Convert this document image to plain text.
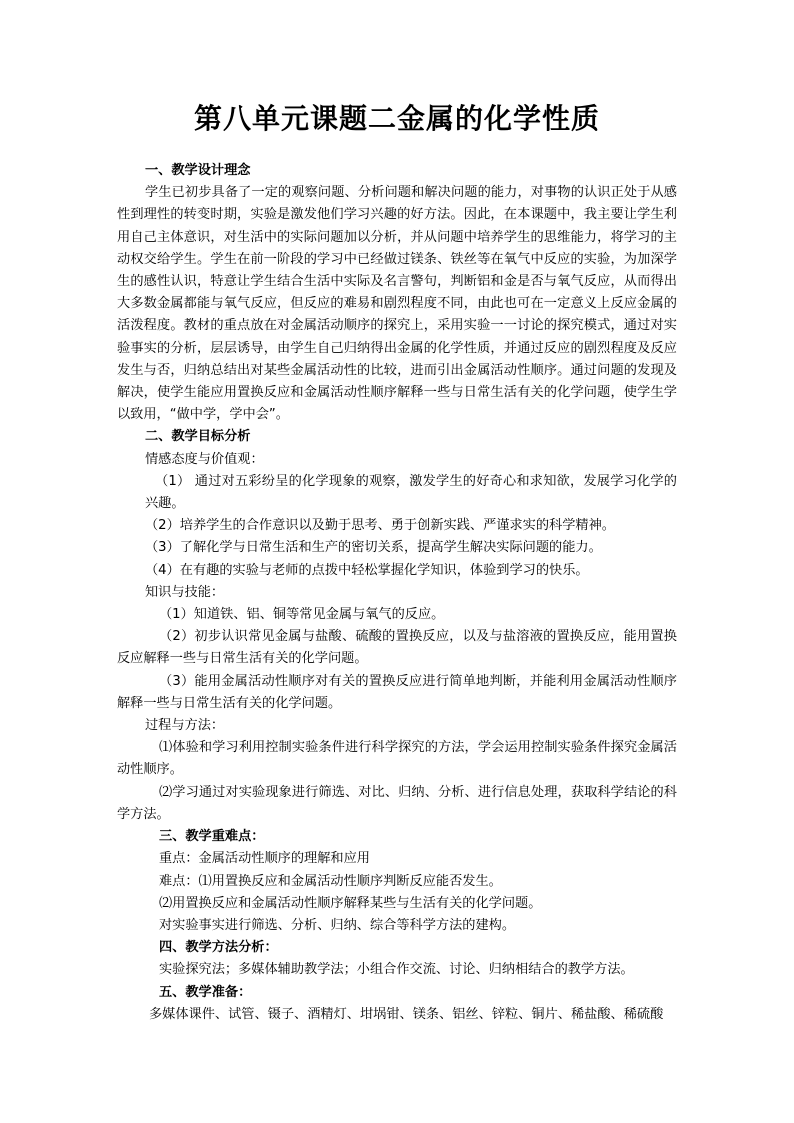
第八单元课题二金属的化学性质

一、教学设计理念

学生已初步具备了一定的观察问题、分析问题和解决问题的能力，对事物的认识正处于从感性到理性的转变时期，实验是激发他们学习兴趣的好方法。因此，在本课题中，我主要让学生利用自己主体意识，对生活中的实际问题加以分析，并从问题中培养学生的思维能力，将学习的主动权交给学生。学生在前一阶段的学习中已经做过镁条、铁丝等在氧气中反应的实验，为加深学生的感性认识，特意让学生结合生活中实际及名言警句，判断铝和金是否与氧气反应，从而得出大多数金属都能与氧气反应，但反应的难易和剧烈程度不同，由此也可在一定意义上反应金属的活泼程度。教材的重点放在对金属活动顺序的探究上，采用实验一一讨论的探究模式，通过对实验事实的分析，层层诱导，由学生自己归纳得出金属的化学性质，并通过反应的剧烈程度及反应发生与否，归纳总结出对某些金属活动性的比较，进而引出金属活动性顺序。通过问题的发现及解决，使学生能应用置换反应和金属活动性顺序解释一些与日常生活有关的化学问题，使学生学以致用，“做中学，学中会”。

二、教学目标分析

情感态度与价值观：

（1） 通过对五彩纷呈的化学现象的观察，激发学生的好奇心和求知欲，发展学习化学的兴趣。

（2）培养学生的合作意识以及勤于思考、勇于创新实践、严谨求实的科学精神。

（3）了解化学与日常生活和生产的密切关系，提高学生解决实际问题的能力。

（4）在有趣的实验与老师的点拨中轻松掌握化学知识，体验到学习的快乐。

知识与技能：

（1）知道铁、铝、铜等常见金属与氧气的反应。

（2）初步认识常见金属与盐酸、硫酸的置换反应，以及与盐溶液的置换反应，能用置换反应解释一些与日常生活有关的化学问题。

（3）能用金属活动性顺序对有关的置换反应进行简单地判断，并能利用金属活动性顺序解释一些与日常生活有关的化学问题。

过程与方法：

⑴体验和学习利用控制实验条件进行科学探究的方法，学会运用控制实验条件探究金属活动性顺序。

⑵学习通过对实验现象进行筛选、对比、归纳、分析、进行信息处理，获取科学结论的科学方法。

三、教学重难点：

重点：金属活动性顺序的理解和应用

难点：⑴用置换反应和金属活动性顺序判断反应能否发生。

⑵用置换反应和金属活动性顺序解释某些与生活有关的化学问题。

对实验事实进行筛选、分析、归纳、综合等科学方法的建构。

四、教学方法分析：

实验探究法；多媒体辅助教学法；小组合作交流、讨论、归纳相结合的教学方法。

五、教学准备：

多媒体课件、试管、镊子、酒精灯、坩埚钳、镁条、铝丝、锌粒、铜片、稀盐酸、稀硫酸
